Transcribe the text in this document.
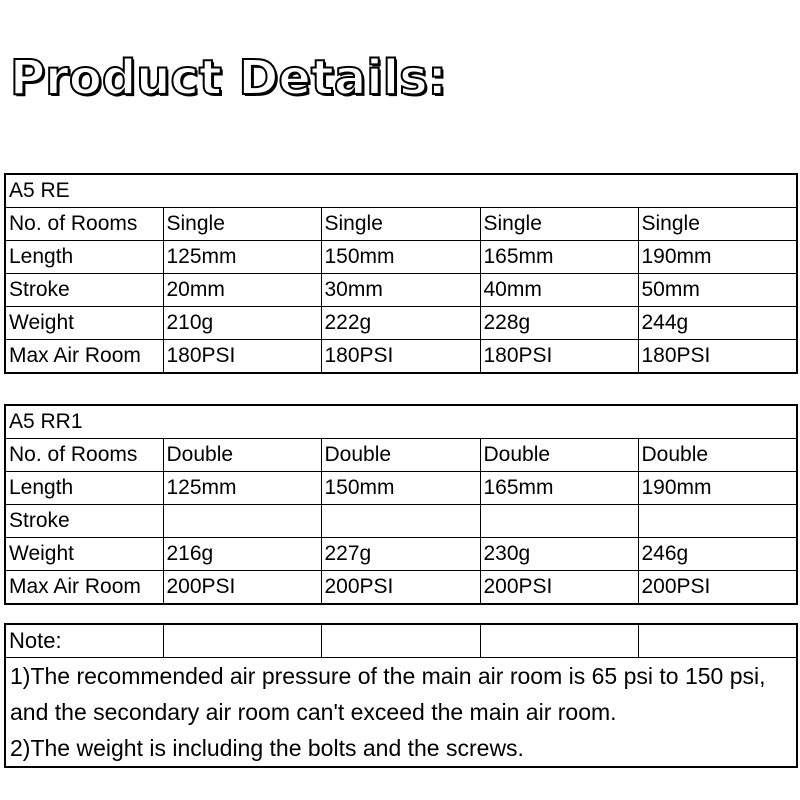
Product Details:
A5 RE				
No. of Rooms	Single	Single	Single	Single
Length	125mm	150mm	165mm	190mm
Stroke	20mm	30mm	40mm	50mm
Weight	210g	222g	228g	244g
Max Air Room	180PSI	180PSI	180PSI	180PSI
A5 RR1				
No. of Rooms	Double	Double	Double	Double
Length	125mm	150mm	165mm	190mm
Stroke				
Weight	216g	227g	230g	246g
Max Air Room	200PSI	200PSI	200PSI	200PSI
Note:				

1)The recommended air pressure of the main air room is 65 psi to 150 psi, and the secondary air room can't exceed the main air room.
2)The weight is including the bolts and the screws.
